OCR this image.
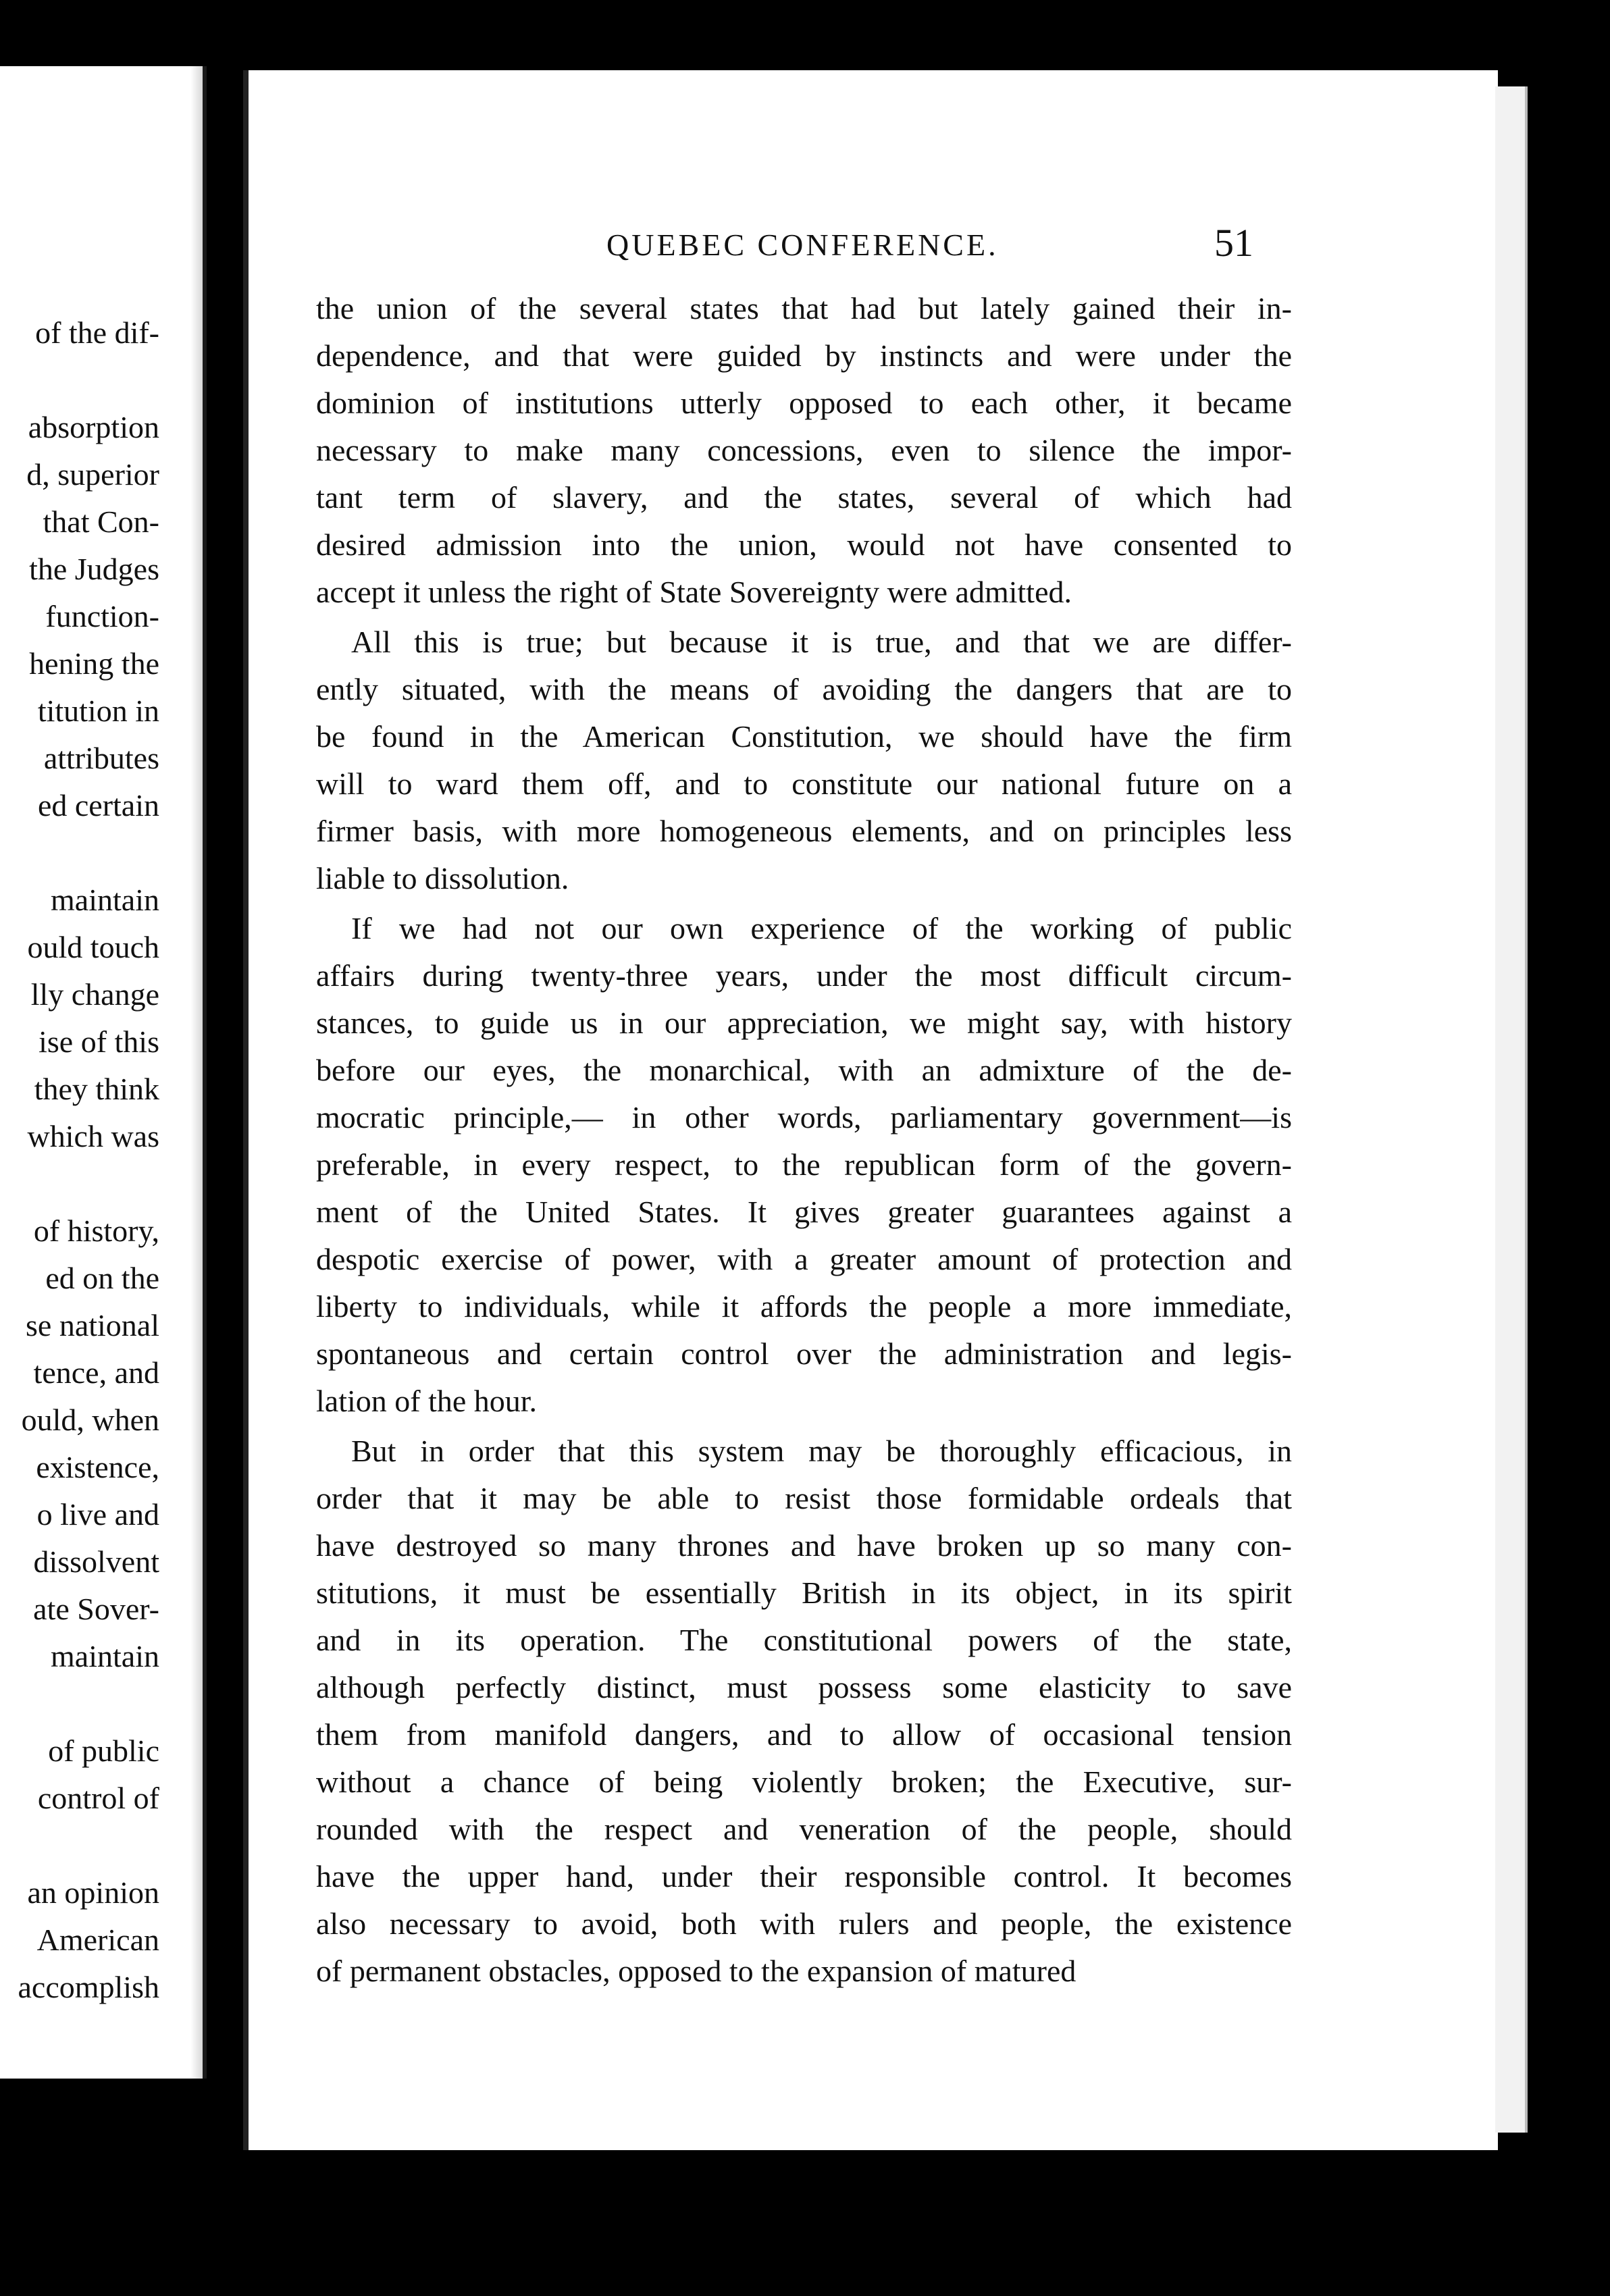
of the dif-
absorption
d, superior
that Con-
the Judges
function-
hening the
titution in
attributes
ed certain
maintain
ould touch
lly change
ise of this
they think
which was
of history,
ed on the
se national
tence, and
ould, when
existence,
o live and
dissolvent
ate Sover-
maintain
of public
control of
an opinion
American
accomplish
QUEBEC CONFERENCE.	51
the union of the several states that had but lately gained their in-
dependence, and that were guided by instincts and were under the
dominion of institutions utterly opposed to each other, it became
necessary to make many concessions, even to silence the impor-
tant term of slavery, and the states, several of which had
desired admission into the union, would not have consented to
accept it unless the right of State Sovereignty were admitted.
All this is true; but because it is true, and that we are differ-
ently situated, with the means of avoiding the dangers that are to
be found in the American Constitution, we should have the firm
will to ward them off, and to constitute our national future on a
firmer basis, with more homogeneous elements, and on principles less
liable to dissolution.
If we had not our own experience of the working of public
affairs during twenty-three years, under the most difficult circum-
stances, to guide us in our appreciation, we might say, with history
before our eyes, the monarchical, with an admixture of the de-
mocratic principle,— in other words, parliamentary government—is
preferable, in every respect, to the republican form of the govern-
ment of the United States. It gives greater guarantees against a
despotic exercise of power, with a greater amount of protection and
liberty to individuals, while it affords the people a more immediate,
spontaneous and certain control over the administration and legis-
lation of the hour.
But in order that this system may be thoroughly efficacious, in
order that it may be able to resist those formidable ordeals that
have destroyed so many thrones and have broken up so many con-
stitutions, it must be essentially British in its object, in its spirit
and in its operation. The constitutional powers of the state,
although perfectly distinct, must possess some elasticity to save
them from manifold dangers, and to allow of occasional tension
without a chance of being violently broken; the Executive, sur-
rounded with the respect and veneration of the people, should
have the upper hand, under their responsible control. It becomes
also necessary to avoid, both with rulers and people, the existence
of permanent obstacles, opposed to the expansion of matured
